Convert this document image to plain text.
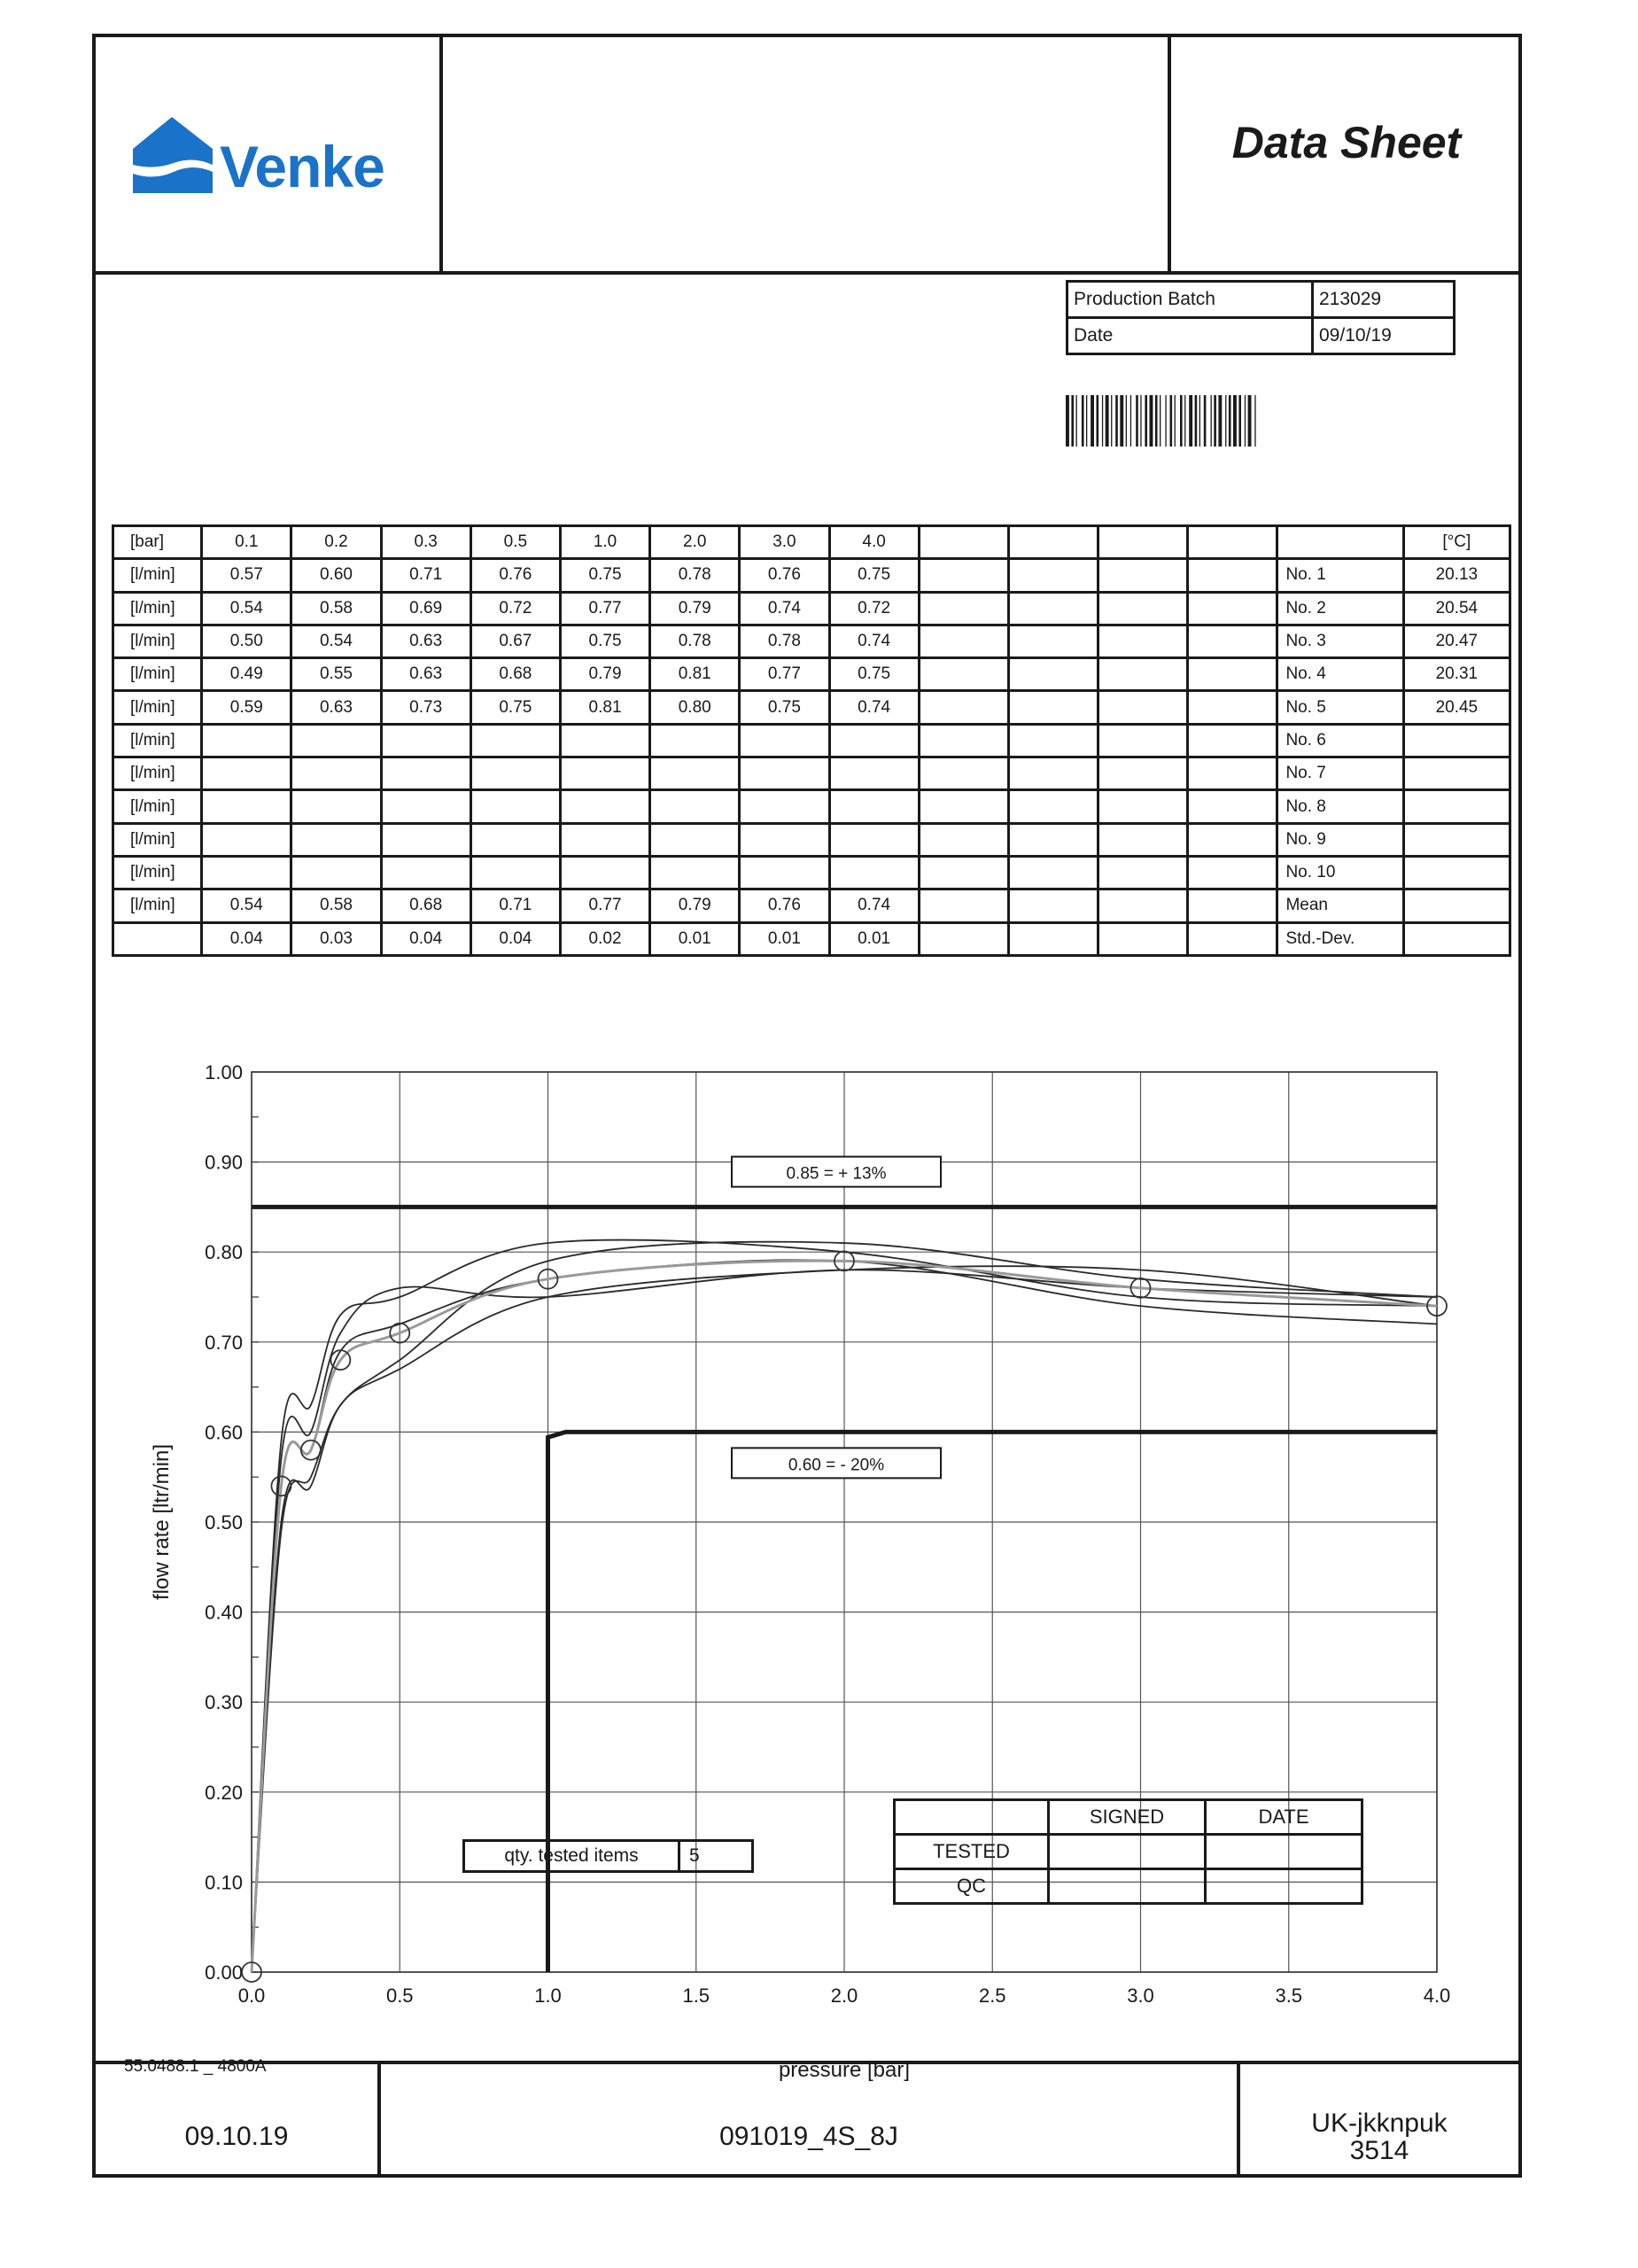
Venke	Data Sheet
Production Batch	213029
Date	09/10/19
[bar]	0.1	0.2	0.3	0.5	1.0	2.0	3.0	4.0						[°C]
[l/min]	0.57	0.60	0.71	0.76	0.75	0.78	0.76	0.75					No. 1	20.13
[l/min]	0.54	0.58	0.69	0.72	0.77	0.79	0.74	0.72					No. 2	20.54
[l/min]	0.50	0.54	0.63	0.67	0.75	0.78	0.78	0.74					No. 3	20.47
[l/min]	0.49	0.55	0.63	0.68	0.79	0.81	0.77	0.75					No. 4	20.31
[l/min]	0.59	0.63	0.73	0.75	0.81	0.80	0.75	0.74					No. 5	20.45
[l/min]													No. 6	
[l/min]													No. 7	
[l/min]													No. 8	
[l/min]													No. 9	
[l/min]													No. 10	
[l/min]	0.54	0.58	0.68	0.71	0.77	0.79	0.76	0.74					Mean	
	0.04	0.03	0.04	0.04	0.02	0.01	0.01	0.01					Std.-Dev.	
0.00
0.10
0.20
0.30
0.40
0.50
0.60
0.70
0.80
0.90
1.00
0.0	0.5	1.0	1.5	2.0	2.5	3.0	3.5	4.0
pressure [bar]
flow rate [ltr/min]
0.85 = + 13%
0.60 = - 20%
qty. tested items	5
	SIGNED	DATE
TESTED		
QC		
55.0488.1 _ 4800A
09.10.19	091019_4S_8J	UK-jkknpuk
3514
